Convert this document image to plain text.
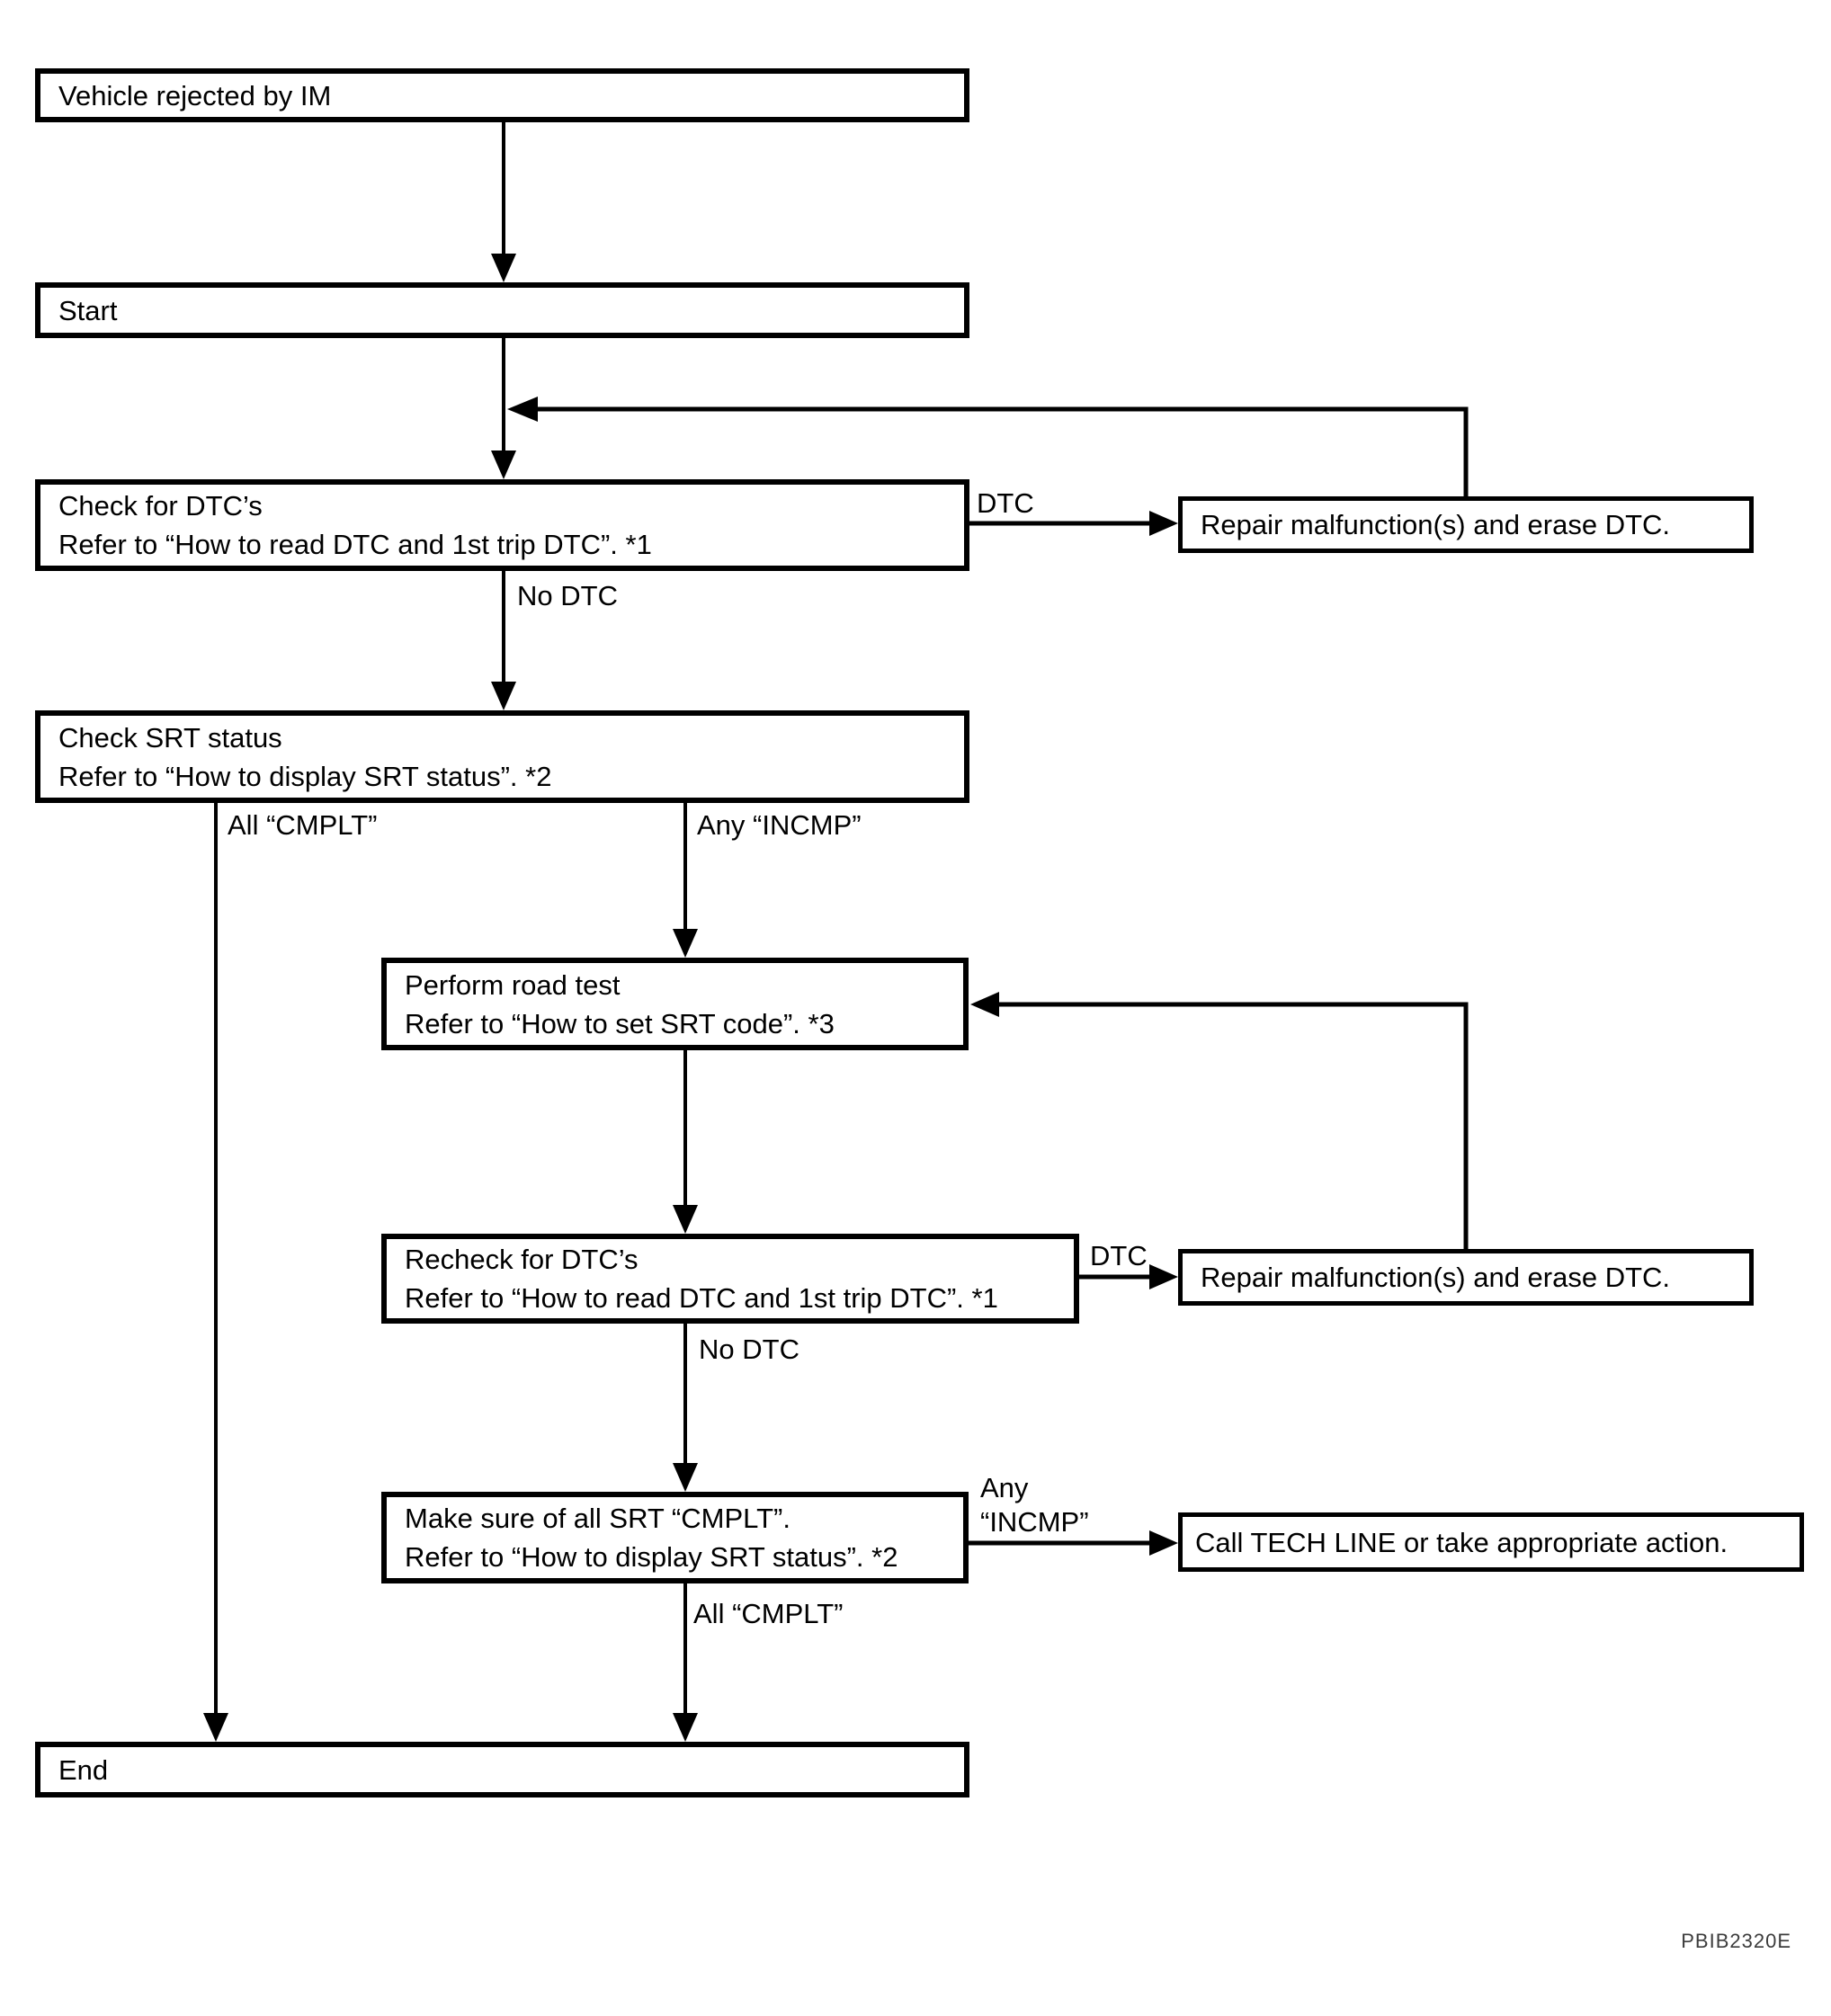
Vehicle rejected by IM
Start
Check for DTC’s
Refer to “How to read DTC and 1st trip DTC”. *1
Repair malfunction(s) and erase DTC.
Check SRT status
Refer to “How to display SRT status”. *2
Perform road test
Refer to “How to set SRT code”. *3
Recheck for DTC’s
Refer to “How to read DTC and 1st trip DTC”. *1
Repair malfunction(s) and erase DTC.
Make sure of all SRT “CMPLT”.
Refer to “How to display SRT status”. *2	Call TECH LINE or take appropriate action.
End
DTC
No DTC
All “CMPLT”	Any “INCMP”
DTC
No DTC
Any
“INCMP”
All “CMPLT”
PBIB2320E
